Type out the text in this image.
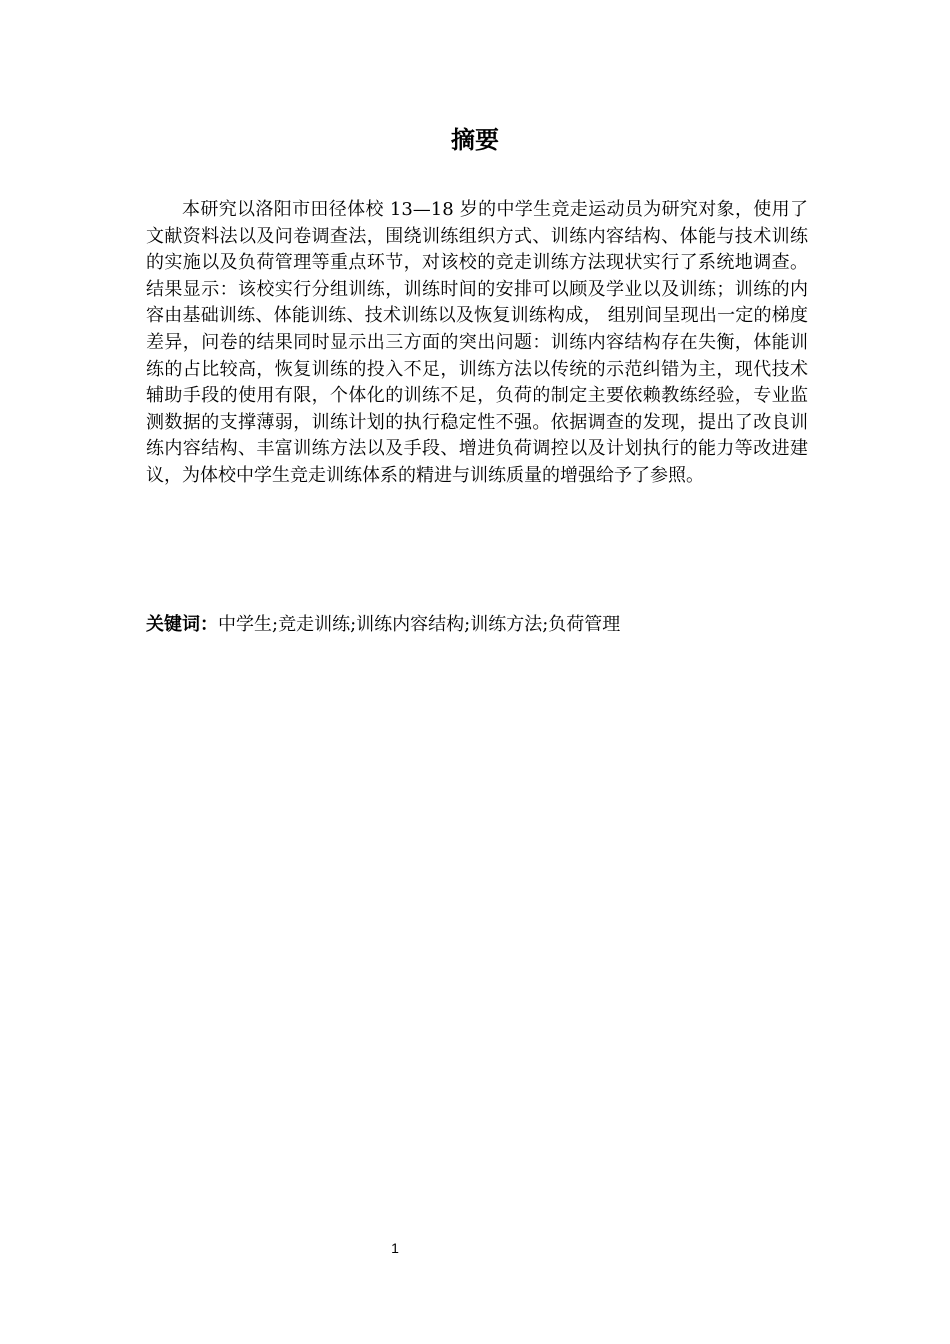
摘要

本研究以洛阳市田径体校 13—18 岁的中学生竞走运动员为研究对象，使用了文献资料法以及问卷调查法，围绕训练组织方式、训练内容结构、体能与技术训练的实施以及负荷管理等重点环节，对该校的竞走训练方法现状实行了系统地调查。结果显示：该校实行分组训练，训练时间的安排可以顾及学业以及训练；训练的内容由基础训练、体能训练、技术训练以及恢复训练构成， 组别间呈现出一定的梯度差异，问卷的结果同时显示出三方面的突出问题：训练内容结构存在失衡，体能训练的占比较高，恢复训练的投入不足，训练方法以传统的示范纠错为主，现代技术辅助手段的使用有限，个体化的训练不足，负荷的制定主要依赖教练经验，专业监测数据的支撑薄弱，训练计划的执行稳定性不强。依据调查的发现，提出了改良训练内容结构、丰富训练方法以及手段、增进负荷调控以及计划执行的能力等改进建议，为体校中学生竞走训练体系的精进与训练质量的增强给予了参照。

关键词：中学生;竞走训练;训练内容结构;训练方法;负荷管理
1
